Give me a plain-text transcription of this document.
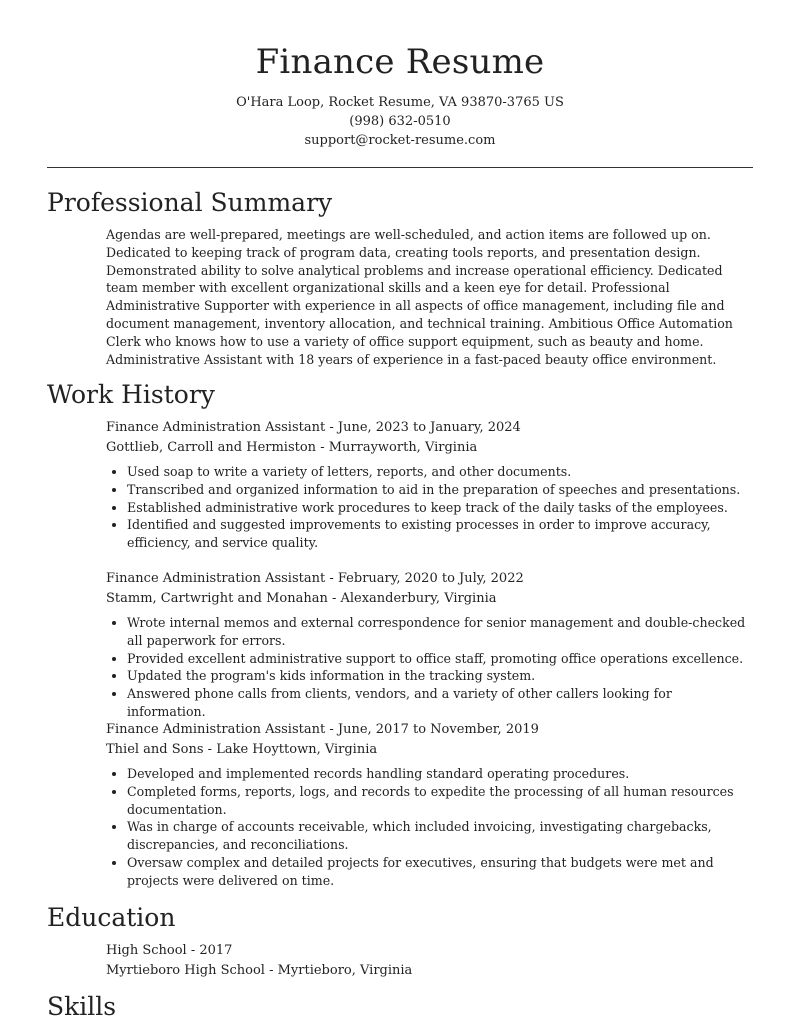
Finance Resume
O'Hara Loop, Rocket Resume, VA 93870-3765 US
(998) 632-0510
support@rocket-resume.com
Professional Summary

Agendas are well-prepared, meetings are well-scheduled, and action items are followed up on. Dedicated to keeping track of program data, creating tools reports, and presentation design. Demonstrated ability to solve analytical problems and increase operational efficiency. Dedicated team member with excellent organizational skills and a keen eye for detail. Professional Administrative Supporter with experience in all aspects of office management, including file and document management, inventory allocation, and technical training. Ambitious Office Automation Clerk who knows how to use a variety of office support equipment, such as beauty and home. Administrative Assistant with 18 years of experience in a fast-paced beauty office environment.

Work History
Finance Administration Assistant - June, 2023 to January, 2024
Gottlieb, Carroll and Hermiston - Murrayworth, Virginia
• Used soap to write a variety of letters, reports, and other documents.
• Transcribed and organized information to aid in the preparation of speeches and presentations.
• Established administrative work procedures to keep track of the daily tasks of the employees.
• Identified and suggested improvements to existing processes in order to improve accuracy, efficiency, and service quality.
Finance Administration Assistant - February, 2020 to July, 2022
Stamm, Cartwright and Monahan - Alexanderbury, Virginia
• Wrote internal memos and external correspondence for senior management and double-checked all paperwork for errors.
• Provided excellent administrative support to office staff, promoting office operations excellence.
• Updated the program's kids information in the tracking system.
• Answered phone calls from clients, vendors, and a variety of other callers looking for information.
Finance Administration Assistant - June, 2017 to November, 2019
Thiel and Sons - Lake Hoyttown, Virginia
• Developed and implemented records handling standard operating procedures.
• Completed forms, reports, logs, and records to expedite the processing of all human resources documentation.
• Was in charge of accounts receivable, which included invoicing, investigating chargebacks, discrepancies, and reconciliations.
• Oversaw complex and detailed projects for executives, ensuring that budgets were met and projects were delivered on time.
Education
High School - 2017
Myrtieboro High School - Myrtieboro, Virginia
Skills
